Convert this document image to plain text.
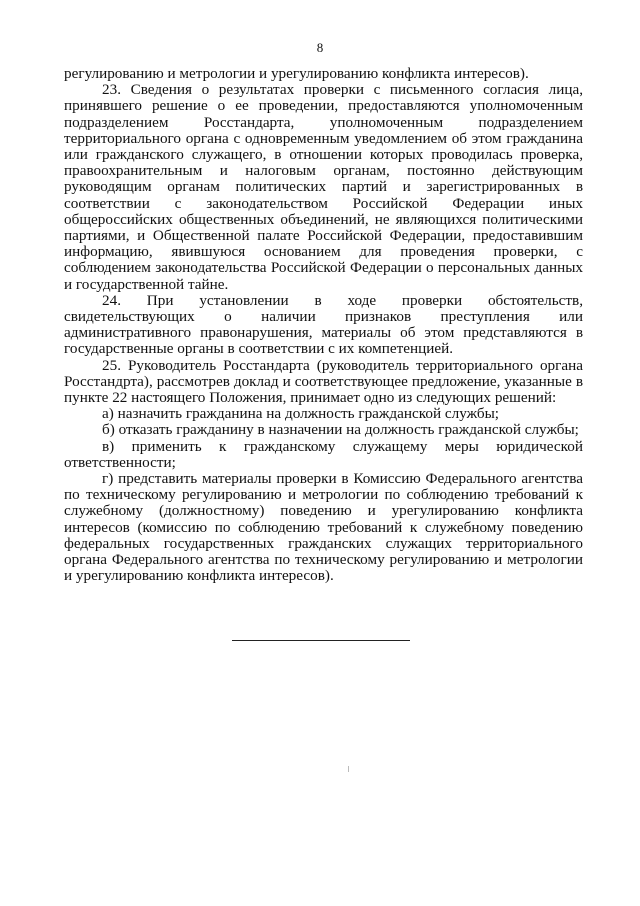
8

регулированию и метрологии и урегулированию конфликта интересов).

23. Сведения о результатах проверки с письменного согласия лица, принявшего решение о ее проведении, предоставляются уполномоченным подразделением Росстандарта, уполномоченным подразделением территориального органа с одновременным уведомлением об этом гражданина или гражданского служащего, в отношении которых проводилась проверка, правоохранительным и налоговым органам, постоянно действующим руководящим органам политических партий и зарегистрированных в соответствии с законодательством Российской Федерации иных общероссийских общественных объединений, не являющихся политическими партиями, и Общественной палате Российской Федерации, предоставившим информацию, явившуюся основанием для проведения проверки, с соблюдением законодательства Российской Федерации о персональных данных и государственной тайне.

24. При установлении в ходе проверки обстоятельств, свидетельствующих о наличии признаков преступления или административного правонарушения, материалы об этом представляются в государственные органы в соответствии с их компетенцией.

25. Руководитель Росстандарта (руководитель территориального органа Росстандрта), рассмотрев доклад и соответствующее предложение, указанные в пункте 22 настоящего Положения, принимает одно из следующих решений:

а) назначить гражданина на должность гражданской службы;

б) отказать гражданину в назначении на должность гражданской службы;

в) применить к гражданскому служащему меры юридической ответственности;

г) представить материалы проверки в Комиссию Федерального агентства по техническому регулированию и метрологии по соблюдению требований к служебному (должностному) поведению и урегулированию конфликта интересов (комиссию по соблюдению требований к служебному поведению федеральных государственных гражданских служащих территориального органа Федерального агентства по техническому регулированию и метрологии и урегулированию конфликта интересов).
